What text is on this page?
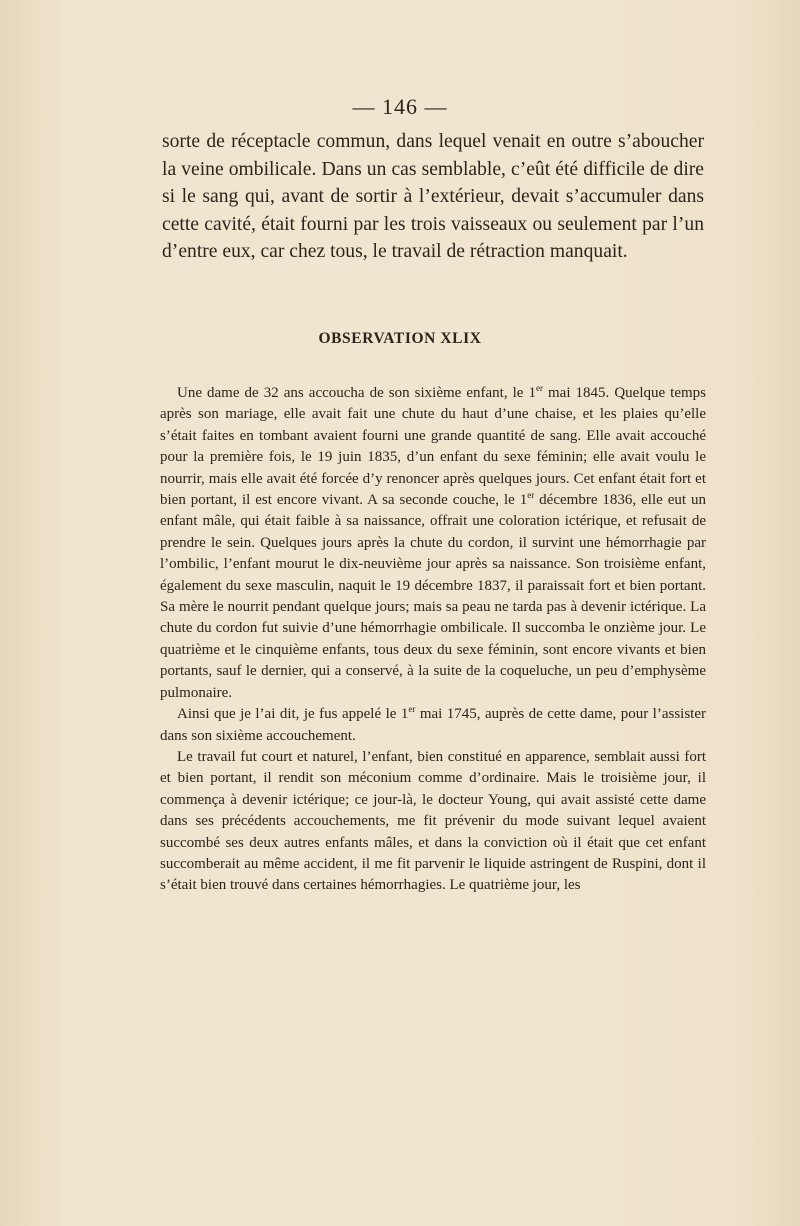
— 146 —

sorte de réceptacle commun, dans lequel venait en outre s’aboucher la veine ombilicale. Dans un cas semblable, c’eût été difficile de dire si le sang qui, avant de sortir à l’extérieur, devait s’accumuler dans cette cavité, était fourni par les trois vaisseaux ou seulement par l’un d’entre eux, car chez tous, le travail de rétraction manquait.

OBSERVATION XLIX

Une dame de 32 ans accoucha de son sixième enfant, le 1er mai 1845. Quelque temps après son mariage, elle avait fait une chute du haut d’une chaise, et les plaies qu’elle s’était faites en tombant avaient fourni une grande quantité de sang. Elle avait accouché pour la première fois, le 19 juin 1835, d’un enfant du sexe féminin; elle avait voulu le nourrir, mais elle avait été forcée d’y renoncer après quelques jours. Cet enfant était fort et bien portant, il est encore vivant. A sa seconde couche, le 1er décembre 1836, elle eut un enfant mâle, qui était faible à sa naissance, offrait une coloration ictérique, et refusait de prendre le sein. Quelques jours après la chute du cordon, il survint une hémorrhagie par l’ombilic, l’enfant mourut le dix-neuvième jour après sa naissance. Son troisième enfant, également du sexe masculin, naquit le 19 décembre 1837, il paraissait fort et bien portant. Sa mère le nourrit pendant quelque jours; mais sa peau ne tarda pas à devenir ictérique. La chute du cordon fut suivie d’une hémorrhagie ombilicale. Il succomba le onzième jour. Le quatrième et le cinquième enfants, tous deux du sexe féminin, sont encore vivants et bien portants, sauf le dernier, qui a conservé, à la suite de la coqueluche, un peu d’emphysème pulmonaire.

Ainsi que je l’ai dit, je fus appelé le 1er mai 1745, auprès de cette dame, pour l’assister dans son sixième accouchement.

Le travail fut court et naturel, l’enfant, bien constitué en apparence, semblait aussi fort et bien portant, il rendit son méconium comme d’ordinaire. Mais le troisième jour, il commença à devenir ictérique; ce jour-là, le docteur Young, qui avait assisté cette dame dans ses précédents accouchements, me fit prévenir du mode suivant lequel avaient succombé ses deux autres enfants mâles, et dans la conviction où il était que cet enfant succomberait au même accident, il me fit parvenir le liquide astringent de Ruspini, dont il s’était bien trouvé dans certaines hémorrhagies. Le quatrième jour, les
